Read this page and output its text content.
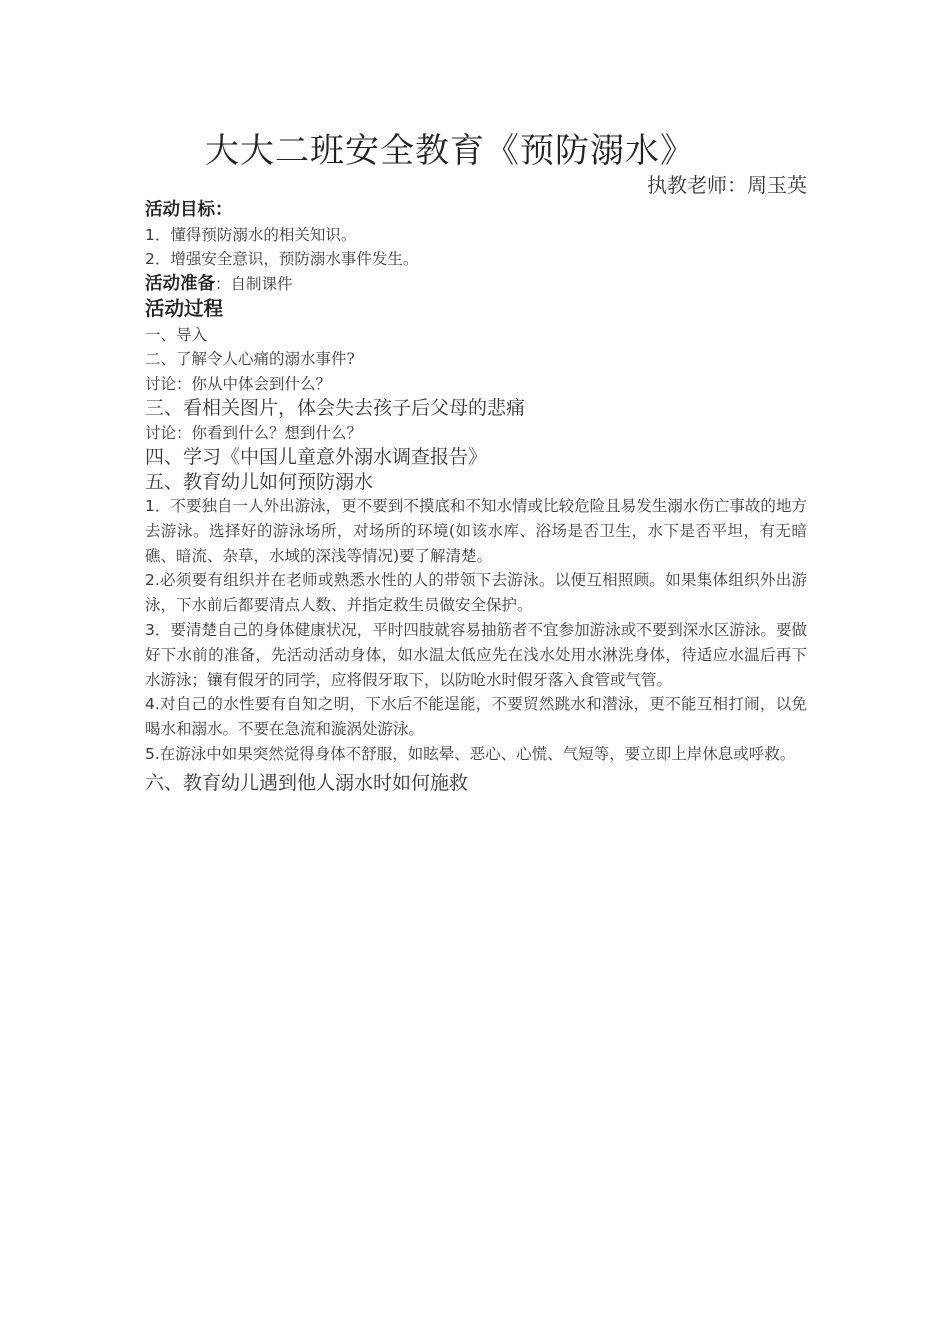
大大二班安全教育《预防溺水》
执教老师：周玉英
活动目标：
1．懂得预防溺水的相关知识。
2．增强安全意识，预防溺水事件发生。
活动准备：自制课件
活动过程
一、导入
二、了解令人心痛的溺水事件?
讨论：你从中体会到什么？
三、看相关图片，体会失去孩子后父母的悲痛
讨论：你看到什么？想到什么？
四、学习《中国儿童意外溺水调查报告》
五、教育幼儿如何预防溺水
1．不要独自一人外出游泳，更不要到不摸底和不知水情或比较危险且易发生溺水伤亡事故的地方去游泳。选择好的游泳场所，对场所的环境(如该水库、浴场是否卫生，水下是否平坦，有无暗礁、暗流、杂草，水域的深浅等情况)要了解清楚。
2.必须要有组织并在老师或熟悉水性的人的带领下去游泳。以便互相照顾。如果集体组织外出游泳，下水前后都要清点人数、并指定救生员做安全保护。
3．要清楚自己的身体健康状况，平时四肢就容易抽筋者不宜参加游泳或不要到深水区游泳。要做好下水前的准备，先活动活动身体，如水温太低应先在浅水处用水淋洗身体，待适应水温后再下水游泳；镶有假牙的同学，应将假牙取下，以防呛水时假牙落入食管或气管。
4.对自己的水性要有自知之明，下水后不能逞能，不要贸然跳水和潜泳，更不能互相打闹，以免喝水和溺水。不要在急流和漩涡处游泳。
5.在游泳中如果突然觉得身体不舒服，如眩晕、恶心、心慌、气短等，要立即上岸休息或呼救。
六、教育幼儿遇到他人溺水时如何施救
